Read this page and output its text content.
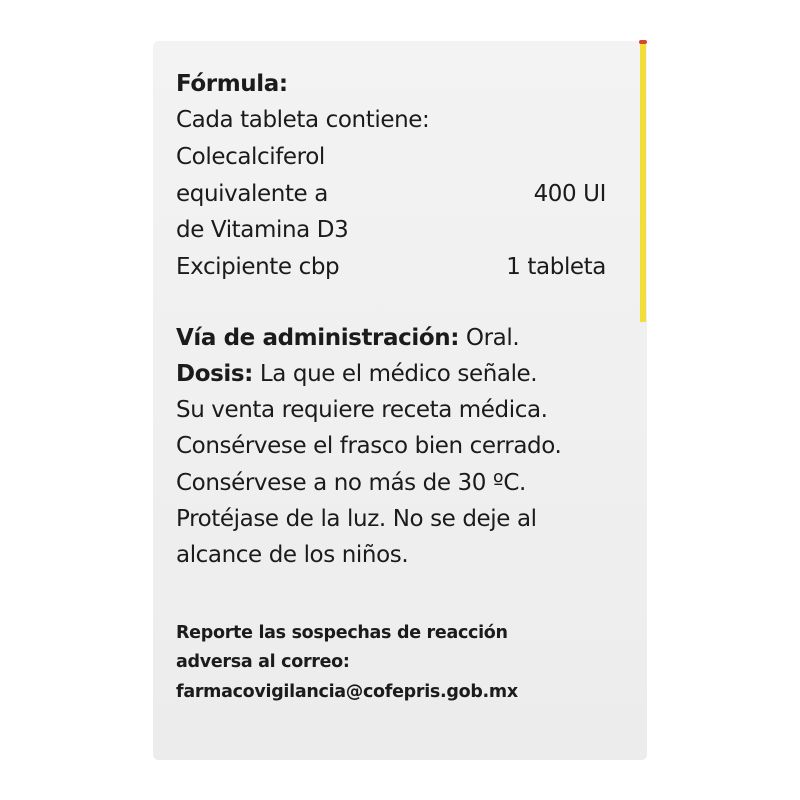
Fórmula:
Cada tableta contiene:
Colecalciferol
equivalente a	400 UI
de Vitamina D3
Excipiente cbp	1 tableta
Vía de administración: Oral.
Dosis: La que el médico señale.
Su venta requiere receta médica.
Consérvese el frasco bien cerrado.
Consérvese a no más de 30 ºC.
Protéjase de la luz. No se deje al
alcance de los niños.
Reporte las sospechas de reacción
adversa al correo:
farmacovigilancia@cofepris.gob.mx
